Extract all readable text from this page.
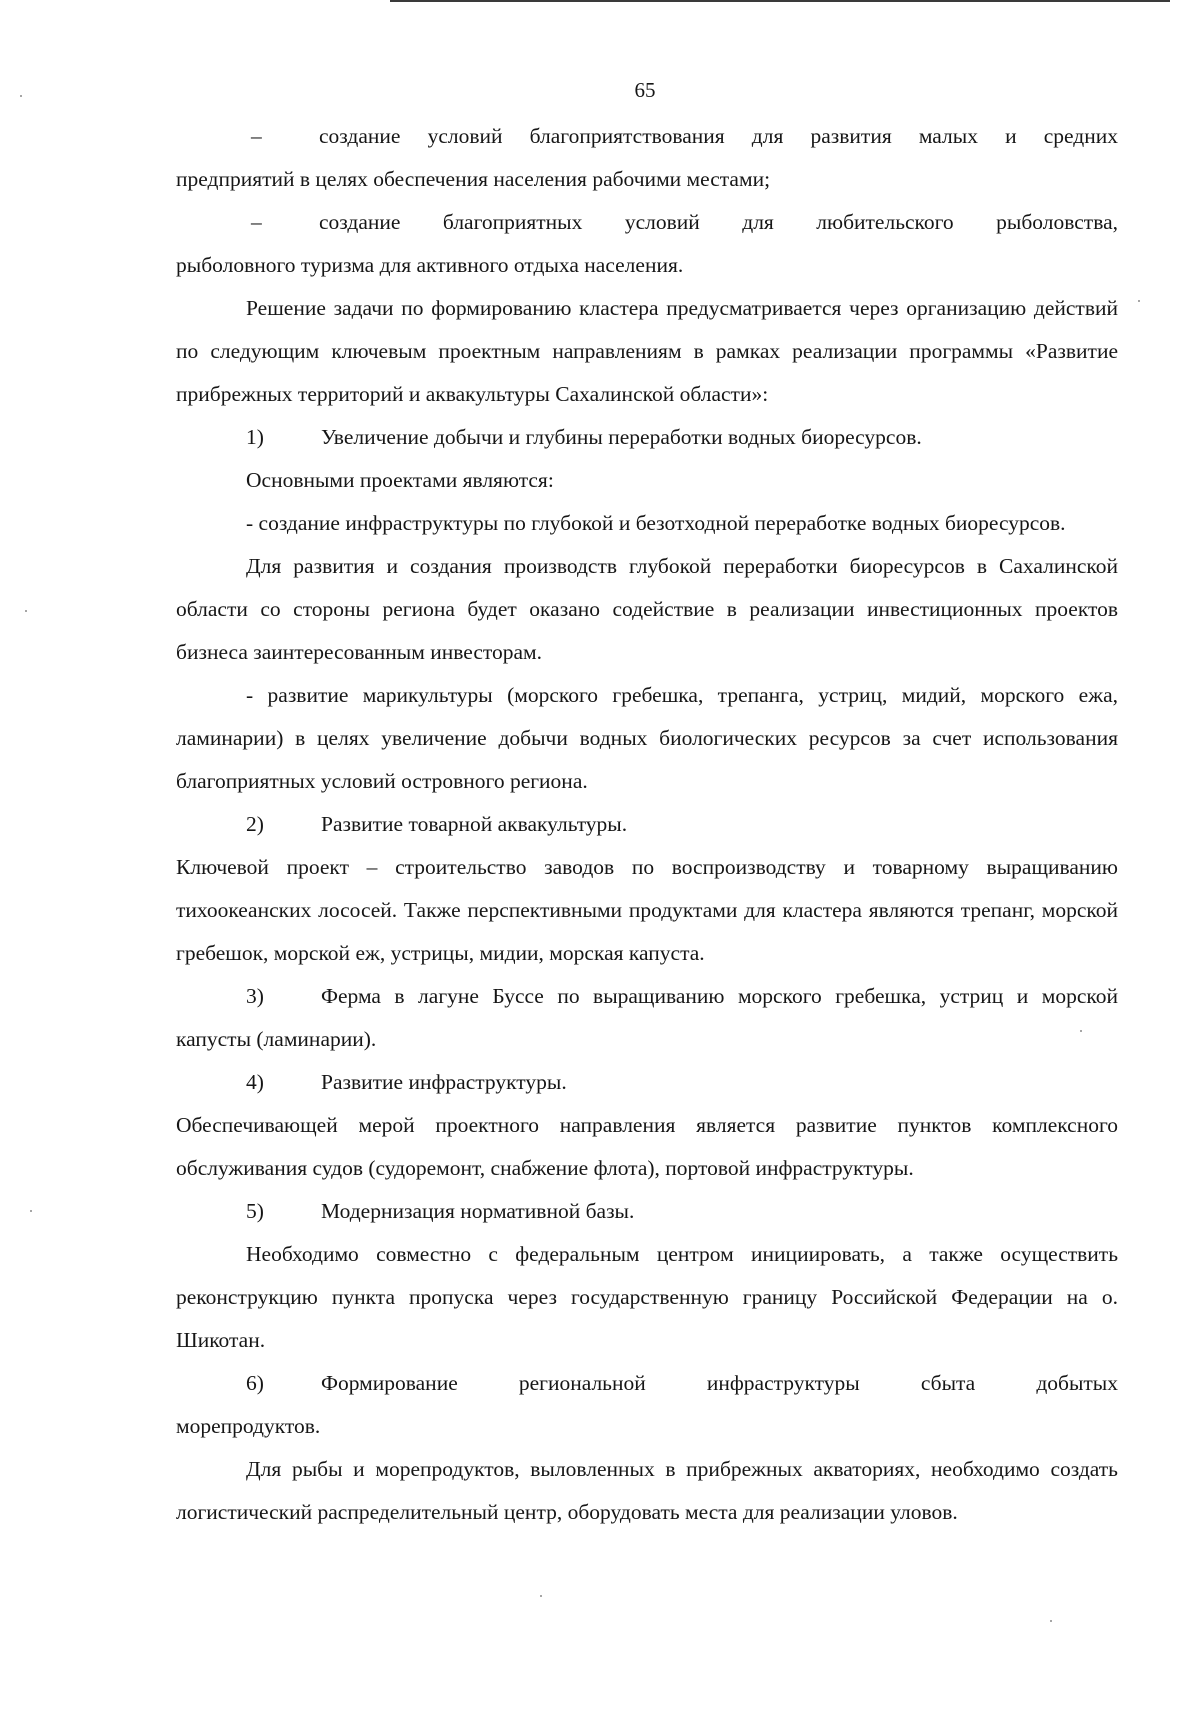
65
–	создание условий благоприятствования для развития малых и средних

предприятий в целях обеспечения населения рабочими местами;

–	создание благоприятных условий для любительского рыболовства,

рыболовного туризма для активного отдыха населения.

Решение задачи по формированию кластера предусматривается через организацию действий по следующим ключевым проектным направлениям в рамках реализации программы «Развитие прибрежных территорий и аквакультуры Сахалинской области»:

1)	Увеличение добычи и глубины переработки водных биоресурсов.

Основными проектами являются:

- создание инфраструктуры по глубокой и безотходной переработке водных биоресурсов.

Для развития и создания производств глубокой переработки биоресурсов в Сахалинской области со стороны региона будет оказано содействие в реализации инвестиционных проектов бизнеса заинтересованным инвесторам.

- развитие марикультуры (морского гребешка, трепанга, устриц, мидий, морского ежа, ламинарии) в целях увеличение добычи водных биологических ресурсов за счет использования благоприятных условий островного региона.

2)	Развитие товарной аквакультуры.

Ключевой проект – строительство заводов по воспроизводству и товарному выращиванию тихоокеанских лососей. Также перспективными продуктами для кластера являются трепанг, морской гребешок, морской еж, устрицы, мидии, морская капуста.

3)	Ферма в лагуне Буссе по выращиванию морского гребешка, устриц и морской

капусты (ламинарии).

4)	Развитие инфраструктуры.

Обеспечивающей мерой проектного направления является развитие пунктов комплексного обслуживания судов (судоремонт, снабжение флота), портовой инфраструктуры.

5)	Модернизация нормативной базы.

Необходимо совместно с федеральным центром инициировать, а также осуществить реконструкцию пункта пропуска через государственную границу Российской Федерации на о. Шикотан.

6)	Формирование региональной инфраструктуры сбыта добытых

морепродуктов.

Для рыбы и морепродуктов, выловленных в прибрежных акваториях, необходимо создать логистический распределительный центр, оборудовать места для реализации уловов.
